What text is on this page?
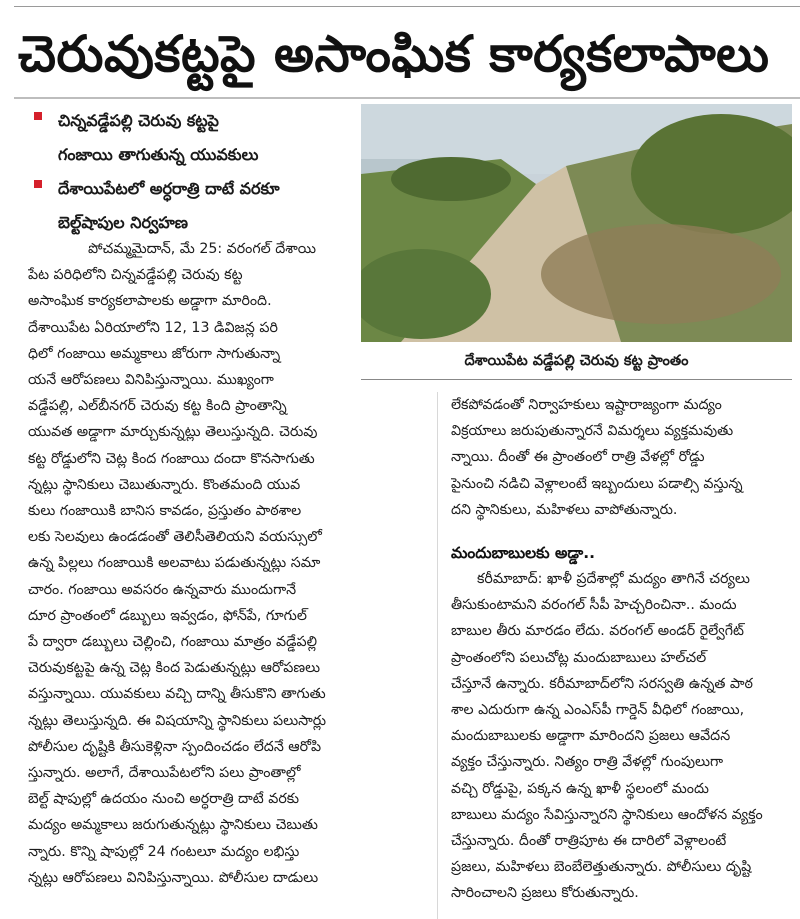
చెరువుకట్టపై అసాంఘిక కార్యకలాపాలు
చిన్నవడ్డేపల్లి చెరువు కట్టపై
గంజాయి తాగుతున్న యువకులు
దేశాయిపేటలో అర్ధరాత్రి దాటే వరకూ
బెల్ట్‌షాపుల నిర్వహణ
పోచమ్మమైదాన్, మే 25: వరంగల్ దేశాయి
పేట పరిధిలోని చిన్నవడ్డేపల్లి చెరువు కట్ట
అసాంఘిక కార్యకలాపాలకు అడ్డాగా మారింది.
దేశాయిపేట ఏరియాలోని 12, 13 డివిజన్ల పరి
ధిలో గంజాయి అమ్మకాలు జోరుగా సాగుతున్నా
యనే ఆరోపణలు వినిపిస్తున్నాయి. ముఖ్యంగా
వడ్డేపల్లి, ఎల్‌బీనగర్ చెరువు కట్ట కింది ప్రాంతాన్ని
యువత అడ్డాగా మార్చుకున్నట్లు తెలుస్తున్నది. చెరువు
కట్ట రోడ్డులోని చెట్ల కింద గంజాయి దందా కొనసాగుతు
న్నట్లు స్థానికులు చెబుతున్నారు. కొంతమంది యువ
కులు గంజాయికి బానిస కావడం, ప్రస్తుతం పాఠశాల
లకు సెలవులు ఉండడంతో తెలిసీతెలియని వయస్సులో
ఉన్న పిల్లలు గంజాయికి అలవాటు పడుతున్నట్లు సమా
చారం. గంజాయి అవసరం ఉన్నవారు ముందుగానే
దూర ప్రాంతంలో డబ్బులు ఇవ్వడం, ఫోన్‌పే, గూగుల్
పే ద్వారా డబ్బులు చెల్లించి, గంజాయి మాత్రం వడ్డేపల్లి
చెరువుకట్టపై ఉన్న చెట్ల కింద పెడుతున్నట్లు ఆరోపణలు
వస్తున్నాయి. యువకులు వచ్చి దాన్ని తీసుకొని తాగుతు
న్నట్లు తెలుస్తున్నది. ఈ విషయాన్ని స్థానికులు పలుసార్లు
పోలీసుల దృష్టికి తీసుకెళ్లినా స్పందించడం లేదనే ఆరోపి
స్తున్నారు. అలాగే, దేశాయిపేటలోని పలు ప్రాంతాల్లో
బెల్ట్ షాపుల్లో ఉదయం నుంచి అర్ధరాత్రి దాటే వరకు
మద్యం అమ్మకాలు జరుగుతున్నట్లు స్థానికులు చెబుతు
న్నారు. కొన్ని షాపుల్లో 24 గంటలూ మద్యం లభిస్తు
న్నట్లు ఆరోపణలు వినిపిస్తున్నాయి. పోలీసుల దాడులు
దేశాయిపేట వడ్డేపల్లి చెరువు కట్ట ప్రాంతం
లేకపోవడంతో నిర్వాహకులు ఇష్టారాజ్యంగా మద్యం
విక్రయాలు జరుపుతున్నారనే విమర్శలు వ్యక్తమవుతు
న్నాయి. దీంతో ఈ ప్రాంతంలో రాత్రి వేళల్లో రోడ్డు
పైనుంచి నడిచి వెళ్లాలంటే ఇబ్బందులు పడాల్సి వస్తున్న
దని స్థానికులు, మహిళలు వాపోతున్నారు.
మందుబాబులకు అడ్డా..
కరీమాబాద్: ఖాళీ ప్రదేశాల్లో మద్యం తాగినే చర్యలు
తీసుకుంటామని వరంగల్ సీపీ హెచ్చరించినా.. మందు
బాబుల తీరు మారడం లేదు. వరంగల్ అండర్ రైల్వేగేట్
ప్రాంతంలోని పలుచోట్ల మందుబాబులు హల్‌చల్
చేస్తూనే ఉన్నారు. కరీమాబాద్‌లోని సరస్వతి ఉన్నత పాఠ
శాల ఎదురుగా ఉన్న ఎంఎస్‌పీ గార్డెన్ వీధిలో గంజాయి,
మందుబాబులకు అడ్డాగా మారిందని ప్రజలు ఆవేదన
వ్యక్తం చేస్తున్నారు. నిత్యం రాత్రి వేళల్లో గుంపులుగా
వచ్చి రోడ్డుపై, పక్కన ఉన్న ఖాళీ స్థలంలో మందు
బాబులు మద్యం సేవిస్తున్నారని స్థానికులు ఆందోళన వ్యక్తం
చేస్తున్నారు. దీంతో రాత్రిపూట ఈ దారిలో వెళ్లాలంటే
ప్రజలు, మహిళలు బెంబేలెత్తుతున్నారు. పోలీసులు దృష్టి
సారించాలని ప్రజలు కోరుతున్నారు.
